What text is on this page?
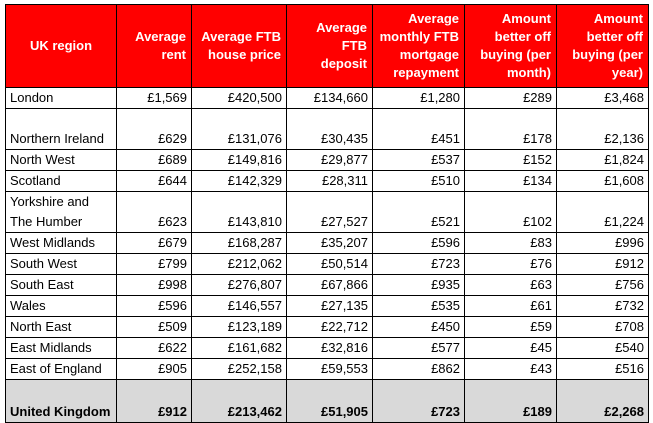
UK region	Average rent	Average FTB house price	Average FTB deposit	Average monthly FTB mortgage repayment	Amount better off buying (per month)	Amount better off buying (per year)
London	£1,569	£420,500	£134,660	£1,280	£289	£3,468
Northern Ireland	£629	£131,076	£30,435	£451	£178	£2,136
North West	£689	£149,816	£29,877	£537	£152	£1,824
Scotland	£644	£142,329	£28,311	£510	£134	£1,608
Yorkshire and The Humber	£623	£143,810	£27,527	£521	£102	£1,224
West Midlands	£679	£168,287	£35,207	£596	£83	£996
South West	£799	£212,062	£50,514	£723	£76	£912
South East	£998	£276,807	£67,866	£935	£63	£756
Wales	£596	£146,557	£27,135	£535	£61	£732
North East	£509	£123,189	£22,712	£450	£59	£708
East Midlands	£622	£161,682	£32,816	£577	£45	£540
East of England	£905	£252,158	£59,553	£862	£43	£516
United Kingdom	£912	£213,462	£51,905	£723	£189	£2,268
